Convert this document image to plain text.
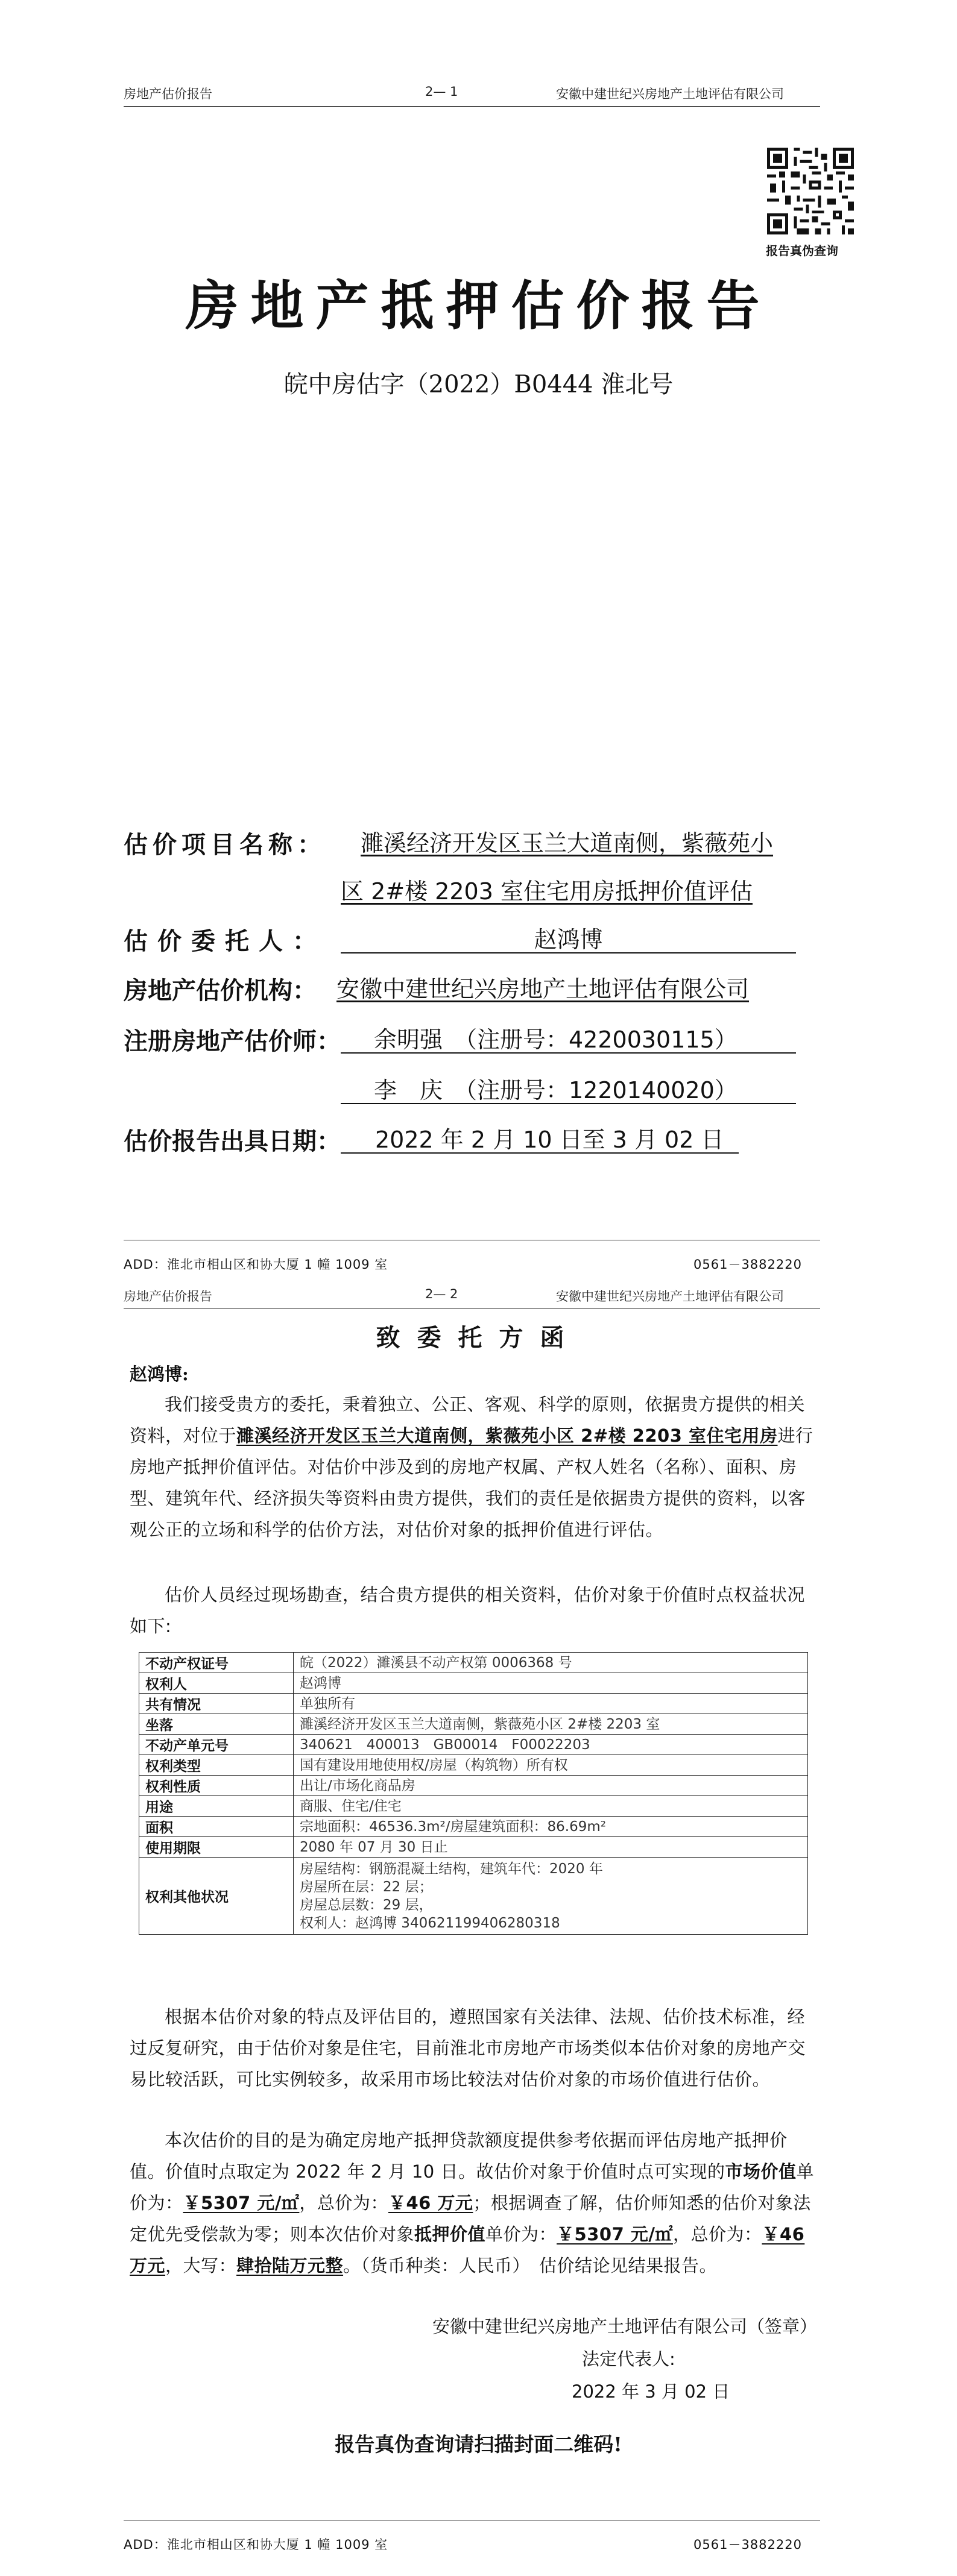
房地产估价报告	2— 1	安徽中建世纪兴房地产土地评估有限公司
报告真伪查询
房地产抵押估价报告
皖中房估字（2022）B0444 淮北号
估价项目名称： 濉溪经济开发区玉兰大道南侧，紫薇苑小
区 2#楼 2203 室住宅用房抵押价值评估
估价委托人：	赵鸿博
房地产估价机构： 安徽中建世纪兴房地产土地评估有限公司
注册房地产估价师： 余明强　（注册号：4220030115）
李　庆　（注册号：1220140020）
估价报告出具日期： 2022 年 2 月 10 日至 3 月 02 日
ADD：淮北市相山区和协大厦 1 幢 1009 室	0561－3882220
房地产估价报告	2— 2	安徽中建世纪兴房地产土地评估有限公司
致委托方函
赵鸿博:

我们接受贵方的委托，秉着独立、公正、客观、科学的原则，依据贵方提供的相关资料，对位于濉溪经济开发区玉兰大道南侧，紫薇苑小区 2#楼 2203 室住宅用房进行房地产抵押价值评估。对估价中涉及到的房地产权属、产权人姓名（名称）、面积、房型、建筑年代、经济损失等资料由贵方提供，我们的责任是依据贵方提供的资料，以客观公正的立场和科学的估价方法，对估价对象的抵押价值进行评估。

估价人员经过现场勘查，结合贵方提供的相关资料，估价对象于价值时点权益状况如下:

不动产权证号	皖（2022）濉溪县不动产权第 0006368 号

权利人	赵鸿博

共有情况	单独所有

坐落	濉溪经济开发区玉兰大道南侧，紫薇苑小区 2#楼 2203 室

不动产单元号	340621　400013　GB00014　F00022203

权利类型	国有建设用地使用权/房屋（构筑物）所有权

权利性质	出让/市场化商品房

用途	商服、住宅/住宅

面积	宗地面积：46536.3m²/房屋建筑面积：86.69m²

使用期限	2080 年 07 月 30 日止

权利其他状况	房屋结构：钢筋混凝土结构，建筑年代：2020 年
房屋所在层：22 层；
房屋总层数：29 层，
权利人：赵鸿博 340621199406280318

根据本估价对象的特点及评估目的，遵照国家有关法律、法规、估价技术标准，经过反复研究，由于估价对象是住宅，目前淮北市房地产市场类似本估价对象的房地产交易比较活跃，可比实例较多，故采用市场比较法对估价对象的市场价值进行估价。

本次估价的目的是为确定房地产抵押贷款额度提供参考依据而评估房地产抵押价值。价值时点取定为 2022 年 2 月 10 日。故估价对象于价值时点可实现的市场价值单价为：￥5307 元/㎡，总价为：￥46 万元；根据调查了解，估价师知悉的估价对象法定优先受偿款为零；则本次估价对象抵押价值单价为：￥5307 元/㎡，总价为：￥46 万元，大写：肆拾陆万元整。（货币种类：人民币）　估价结论见结果报告。

安徽中建世纪兴房地产土地评估有限公司（签章）
法定代表人:
2022 年 3 月 02 日
报告真伪查询请扫描封面二维码!
ADD：淮北市相山区和协大厦 1 幢 1009 室	0561－3882220
